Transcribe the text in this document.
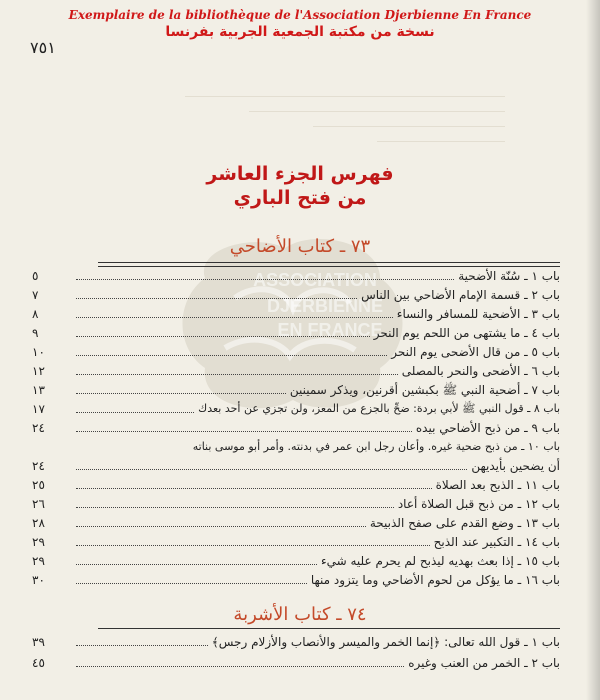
Exemplaire de la bibliothèque de l'Association Djerbienne En France
نسخة من مكتبة الجمعية الجربية بفرنسا
٧٥١
فهرس الجزء العاشر
من فتح الباري
ASSOCIATION
DJERBIENNE
EN FRANCE
٧٣ ـ كتاب الأضاحي
٥	باب ١ ـ سُنّة الأضحية
٧	باب ٢ ـ قسمة الإمام الأضاحي بين الناس
٨	باب ٣ ـ الأضحية للمسافر والنساء
٩	باب ٤ ـ ما يشتهى من اللحم يوم النحر
١٠	باب ٥ ـ من قال الأضحى يوم النحر
١٢	باب ٦ ـ الأضحى والنحر بالمصلى
١٣	باب ٧ ـ أضحية النبي ﷺ بكبشين أقرنين، ويذكر سمينين
١٧	باب ٨ ـ قول النبي ﷺ لأبي بردة: ضحِّ بالجزع من المعز، ولن تجزي عن أحد بعدك
٢٤	باب ٩ ـ من ذبح الأضاحي بيده
باب ١٠ ـ من ذبح ضحية غيره. وأعان رجل ابن عمر في بدنته. وأمر أبو موسى بناته
٢٤	أن يضحين بأيديهن
٢٥	باب ١١ ـ الذبح بعد الصلاة
٢٦	باب ١٢ ـ من ذبح قبل الصلاة أعاد
٢٨	باب ١٣ ـ وضع القدم على صفح الذبيحة
٢٩	باب ١٤ ـ التكبير عند الذبح
٢٩	باب ١٥ ـ إذا بعث بهديه ليذبح لم يحرم عليه شيء
٣٠	باب ١٦ ـ ما يؤكل من لحوم الأضاحي وما يتزود منها
٧٤ ـ كتاب الأشربة
٣٩	باب ١ ـ قول الله تعالى: ﴿إنما الخمر والميسر والأنصاب والأزلام رجس﴾
٤٥	باب ٢ ـ الخمر من العنب وغيره
